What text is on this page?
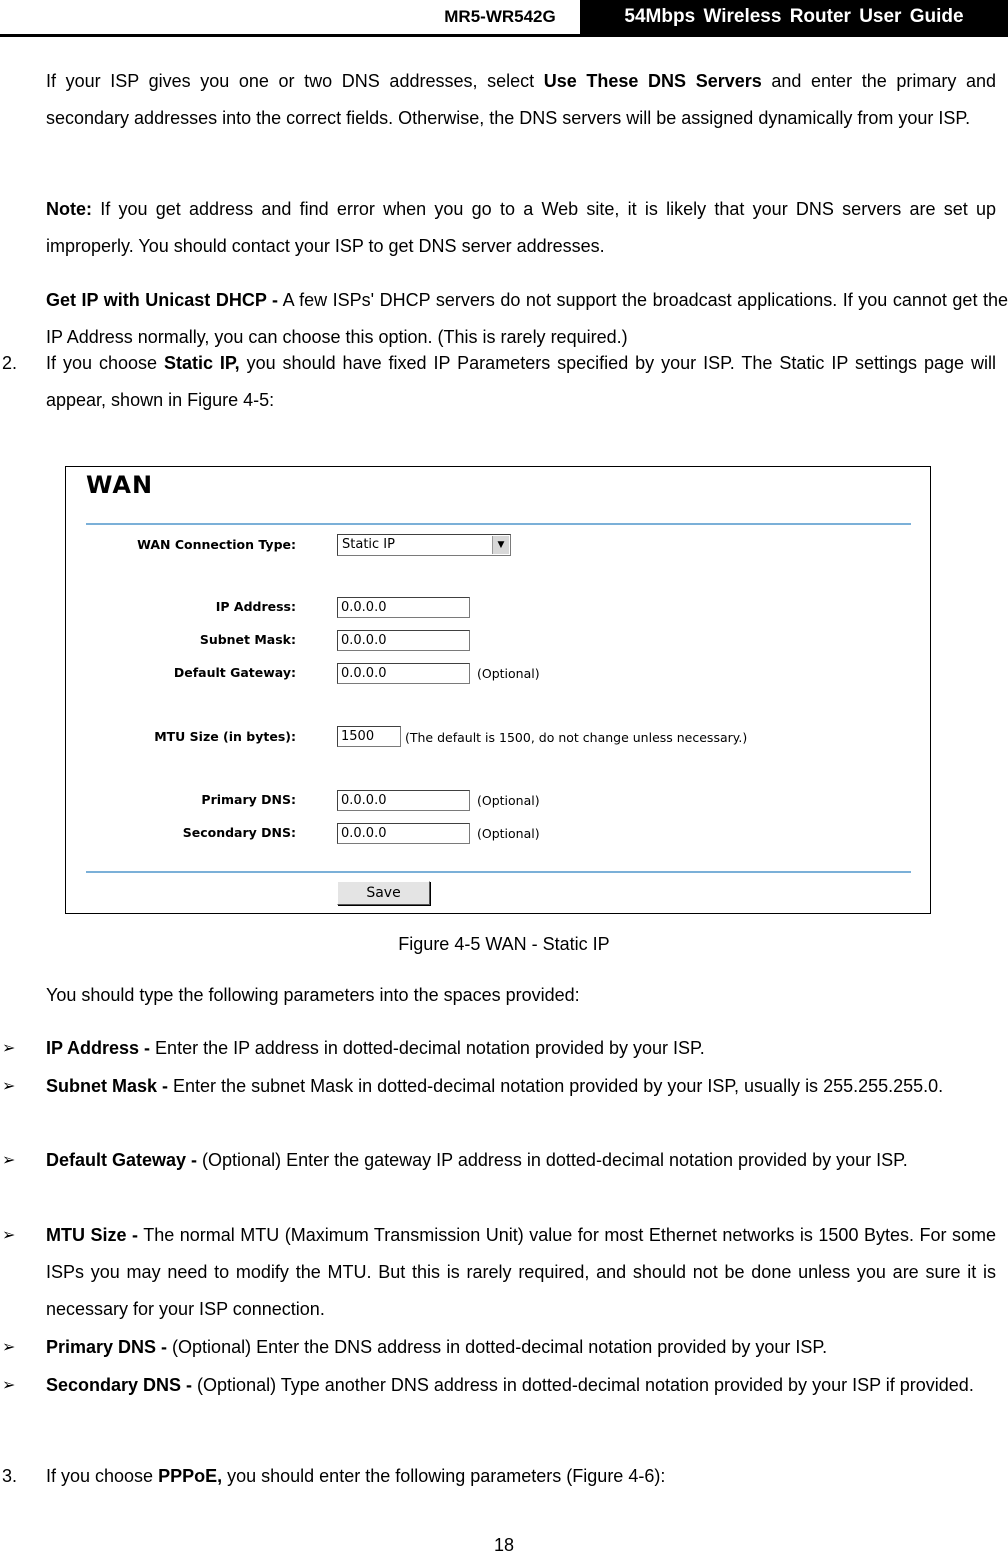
MR5-WR542G	54Mbps Wireless Router User Guide
If your ISP gives you one or two DNS addresses, select Use These DNS Servers and enter the primary and secondary addresses into the correct fields. Otherwise, the DNS servers will be assigned dynamically from your ISP.
Note: If you get address and find error when you go to a Web site, it is likely that your DNS servers are set up improperly. You should contact your ISP to get DNS server addresses.
Get IP with Unicast DHCP - A few ISPs' DHCP servers do not support the broadcast applications. If you cannot get the IP Address normally, you can choose this option. (This is rarely required.)
2. If you choose Static IP, you should have fixed IP Parameters specified by your ISP. The Static IP settings page will appear, shown in Figure 4-5:
WAN
WAN Connection Type:	Static IP	▼
IP Address:	0.0.0.0
Subnet Mask:	0.0.0.0
Default Gateway:	0.0.0.0	(Optional)
MTU Size (in bytes):	1500	(The default is 1500, do not change unless necessary.)
Primary DNS:	0.0.0.0	(Optional)
Secondary DNS:	0.0.0.0	(Optional)
Save
Figure 4-5 WAN - Static IP
You should type the following parameters into the spaces provided:
➢ IP Address - Enter the IP address in dotted-decimal notation provided by your ISP.
➢ Subnet Mask - Enter the subnet Mask in dotted-decimal notation provided by your ISP, usually is 255.255.255.0.
➢ Default Gateway - (Optional) Enter the gateway IP address in dotted-decimal notation provided by your ISP.
➢ MTU Size - The normal MTU (Maximum Transmission Unit) value for most Ethernet networks is 1500 Bytes. For some ISPs you may need to modify the MTU. But this is rarely required, and should not be done unless you are sure it is necessary for your ISP connection.
➢ Primary DNS - (Optional) Enter the DNS address in dotted-decimal notation provided by your ISP.
➢ Secondary DNS - (Optional) Type another DNS address in dotted-decimal notation provided by your ISP if provided.
3. If you choose PPPoE, you should enter the following parameters (Figure 4-6):
18
